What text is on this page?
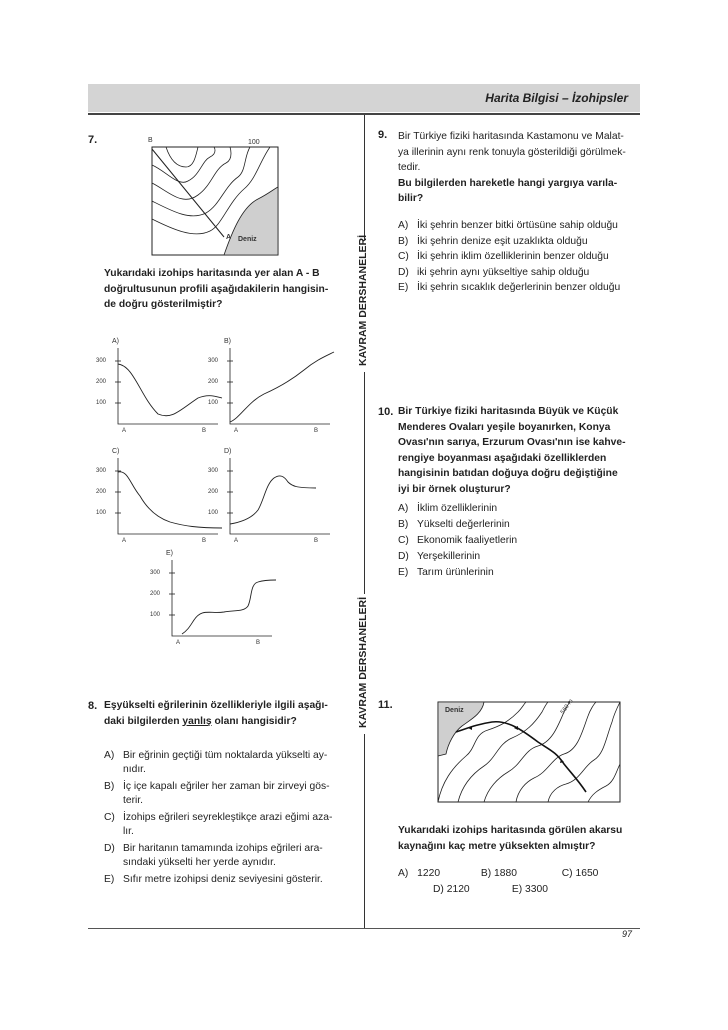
Harita Bilgisi – İzohipsler
KAVRAM DERSHANELERİ
KAVRAM DERSHANELERİ
7.	B	100
A Deniz
Yukarıdaki izohips haritasında yer alan A - B
doğrultusunun profili aşağıdakilerin hangisin-
de doğru gösterilmiştir?
A)
300
200
100
A	B
B)
300
200
100
A	B
C)
300
200
100
A	B
D)
300
200
100
A	B
E)
300
200
100
A	B
8. Eşyükselti eğrilerinin özellikleriyle ilgili aşağı-
daki bilgilerden yanlış olanı hangisidir?
A) Bir eğrinin geçtiği tüm noktalarda yükselti ay-
nıdır.
B) İç içe kapalı eğriler her zaman bir zirveyi gös-
terir.
C) İzohips eğrileri seyrekleştikçe arazi eğimi aza-
lır.
D) Bir haritanın tamamında izohips eğrileri ara-
sındaki yükselti her yerde aynıdır.
E) Sıfır metre izohipsi deniz seviyesini gösterir.
9. Bir Türkiye fiziki haritasında Kastamonu ve Malat-
ya illerinin aynı renk tonuyla gösterildiği görülmek-
tedir.
Bu bilgilerden hareketle hangi yargıya varıla-
bilir?
A) İki şehrin benzer bitki örtüsüne sahip olduğu
B) İki şehrin denize eşit uzaklıkta olduğu
C) İki şehrin iklim özelliklerinin benzer olduğu
D) iki şehrin aynı yükseltiye sahip olduğu
E) İki şehrin sıcaklık değerlerinin benzer olduğu
10. Bir Türkiye fiziki haritasında Büyük ve Küçük
Menderes Ovaları yeşile boyanırken, Konya
Ovası'nın sarıya, Erzurum Ovası'nın ise kahve-
rengiye boyanması aşağıdaki özelliklerden
hangisinin batıdan doğuya doğru değiştiğine
iyi bir örnek oluşturur?
A) İklim özelliklerinin
B) Yükselti değerlerinin
C) Ekonomik faaliyetlerin
D) Yerşekillerinin
E) Tarım ürünlerinin
11.	Deniz	560 m
Yukarıdaki izohips haritasında görülen akarsu
kaynağını kaç metre yüksekten almıştır?
A) 1220	B) 1880	C) 1650
D) 2120	E) 3300
97
